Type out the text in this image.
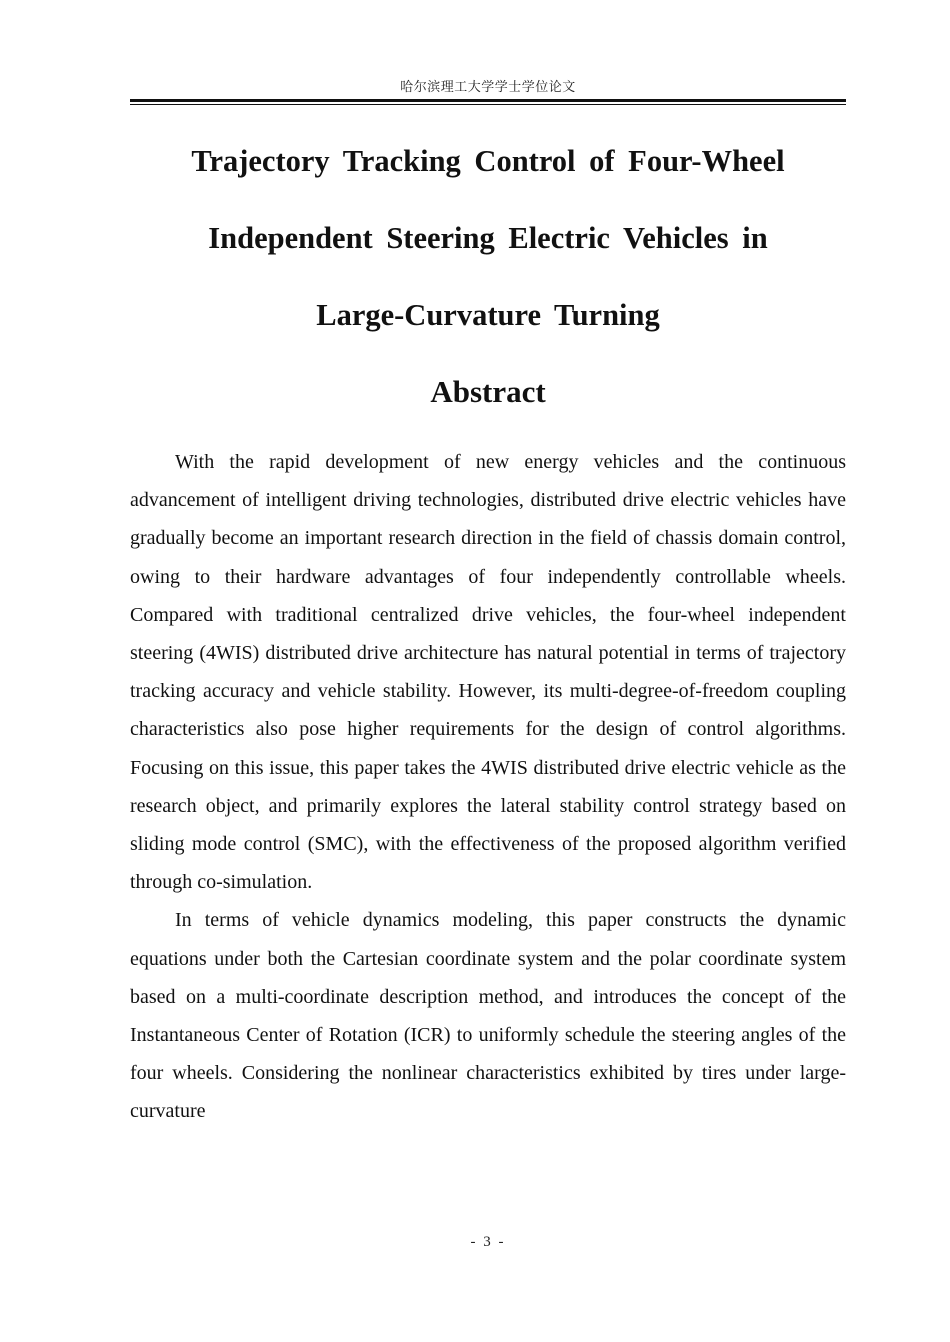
哈尔滨理工大学学士学位论文
Trajectory Tracking Control of Four-Wheel
Independent Steering Electric Vehicles in
Large-Curvature Turning
Abstract

With the rapid development of new energy vehicles and the continuous advancement of intelligent driving technologies, distributed drive electric vehicles have gradually become an important research direction in the field of chassis domain control, owing to their hardware advantages of four independently controllable wheels. Compared with traditional centralized drive vehicles, the four-wheel independent steering (4WIS) distributed drive architecture has natural potential in terms of trajectory tracking accuracy and vehicle stability. However, its multi-degree-of-freedom coupling characteristics also pose higher requirements for the design of control algorithms. Focusing on this issue, this paper takes the 4WIS distributed drive electric vehicle as the research object, and primarily explores the lateral stability control strategy based on sliding mode control (SMC), with the effectiveness of the proposed algorithm verified through co-simulation.

In terms of vehicle dynamics modeling, this paper constructs the dynamic equations under both the Cartesian coordinate system and the polar coordinate system based on a multi-coordinate description method, and introduces the concept of the Instantaneous Center of Rotation (ICR) to uniformly schedule the steering angles of the four wheels. Considering the nonlinear characteristics exhibited by tires under large-curvature

- 3 -
